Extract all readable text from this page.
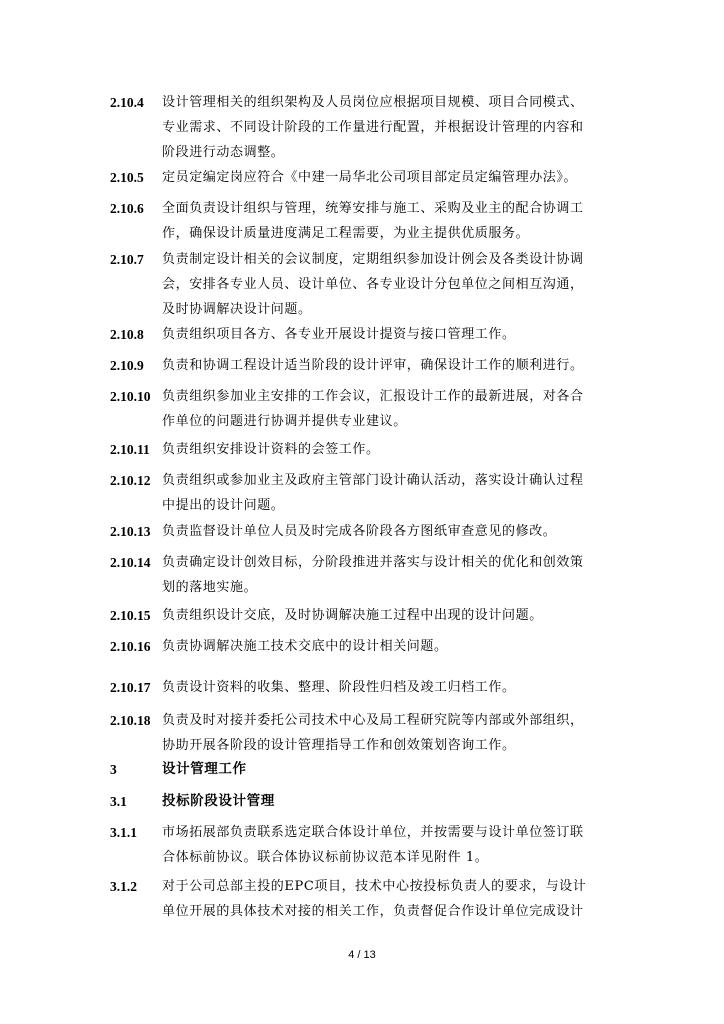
2.10.4	设计管理相关的组织架构及人员岗位应根据项目规模、项目合同模式、
专业需求、不同设计阶段的工作量进行配置，并根据设计管理的内容和
阶段进行动态调整。
2.10.5	定员定编定岗应符合《中建一局华北公司项目部定员定编管理办法》。
2.10.6	全面负责设计组织与管理，统筹安排与施工、采购及业主的配合协调工
作，确保设计质量进度满足工程需要，为业主提供优质服务。
2.10.7	负责制定设计相关的会议制度，定期组织参加设计例会及各类设计协调
会，安排各专业人员、设计单位、各专业设计分包单位之间相互沟通，
及时协调解决设计问题。
2.10.8	负责组织项目各方、各专业开展设计提资与接口管理工作。
2.10.9	负责和协调工程设计适当阶段的设计评审，确保设计工作的顺利进行。
2.10.10 负责组织参加业主安排的工作会议，汇报设计工作的最新进展，对各合
作单位的问题进行协调并提供专业建议。
2.10.11 负责组织安排设计资料的会签工作。
2.10.12 负责组织或参加业主及政府主管部门设计确认活动，落实设计确认过程
中提出的设计问题。
2.10.13 负责监督设计单位人员及时完成各阶段各方图纸审查意见的修改。
2.10.14 负责确定设计创效目标，分阶段推进并落实与设计相关的优化和创效策
划的落地实施。
2.10.15 负责组织设计交底，及时协调解决施工过程中出现的设计问题。
2.10.16 负责协调解决施工技术交底中的设计相关问题。
2.10.17 负责设计资料的收集、整理、阶段性归档及竣工归档工作。
2.10.18 负责及时对接并委托公司技术中心及局工程研究院等内部或外部组织，
协助开展各阶段的设计管理指导工作和创效策划咨询工作。
3	设计管理工作
3.1	投标阶段设计管理
3.1.1	市场拓展部负责联系选定联合体设计单位，并按需要与设计单位签订联
合体标前协议。联合体协议标前协议范本详见附件 1。
3.1.2	对于公司总部主投的EPC项目，技术中心按投标负责人的要求，与设计
单位开展的具体技术对接的相关工作，负责督促合作设计单位完成设计
4 / 13
